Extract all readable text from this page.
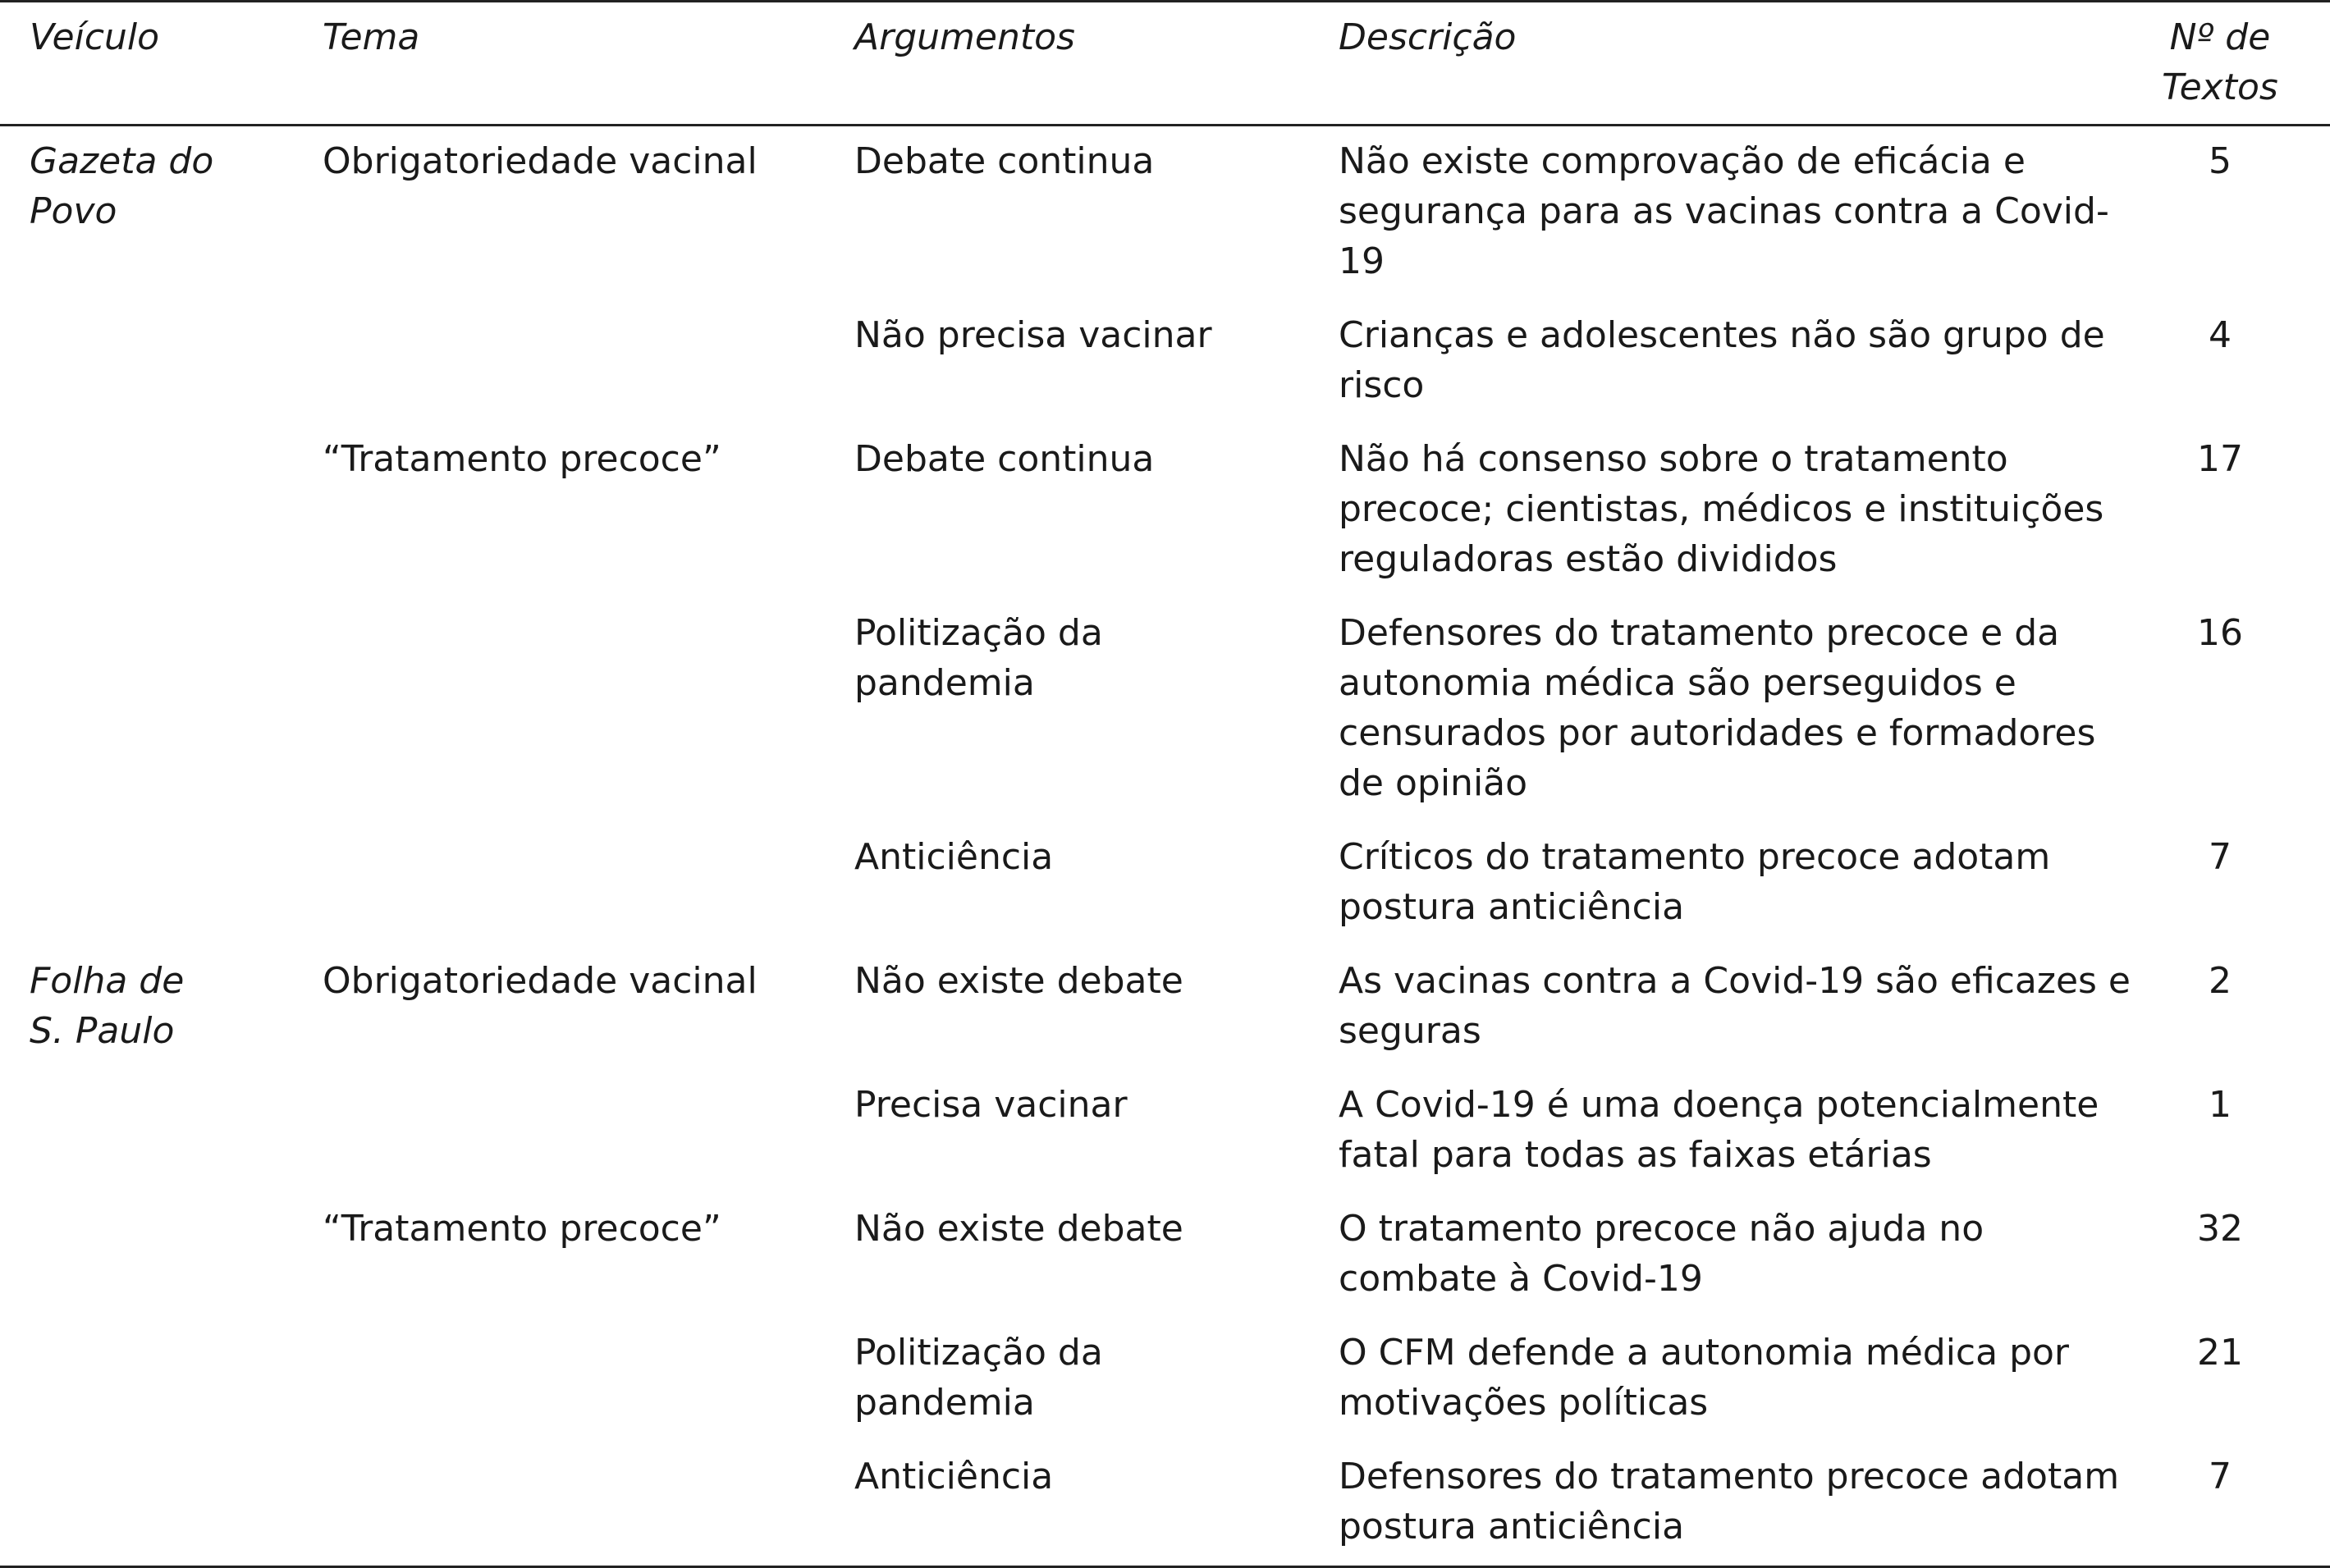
Veículo	Tema	Argumentos	Descrição	Nº de
Textos

Gazeta do
Povo	Obrigatoriedade vacinal	Debate continua	Não existe comprovação de eficácia e segurança para as vacinas contra a Covid-19	5

		Não precisa vacinar	Crianças e adolescentes não são grupo de risco	4

	“Tratamento precoce”	Debate continua	Não há consenso sobre o tratamento precoce; cientistas, médicos e instituições reguladoras estão divididos	17

		Politização da
pandemia	Defensores do tratamento precoce e da autonomia médica são perseguidos e censurados por autoridades e formadores de opinião	16

		Anticiência	Críticos do tratamento precoce adotam postura anticiência	7

Folha de
S. Paulo	Obrigatoriedade vacinal	Não existe debate	As vacinas contra a Covid-19 são eficazes e seguras	2

		Precisa vacinar	A Covid-19 é uma doença potencialmente fatal para todas as faixas etárias	1

	“Tratamento precoce”	Não existe debate	O tratamento precoce não ajuda no combate à Covid-19	32

		Politização da
pandemia	O CFM defende a autonomia médica por motivações políticas	21

		Anticiência	Defensores do tratamento precoce adotam postura anticiência	7
